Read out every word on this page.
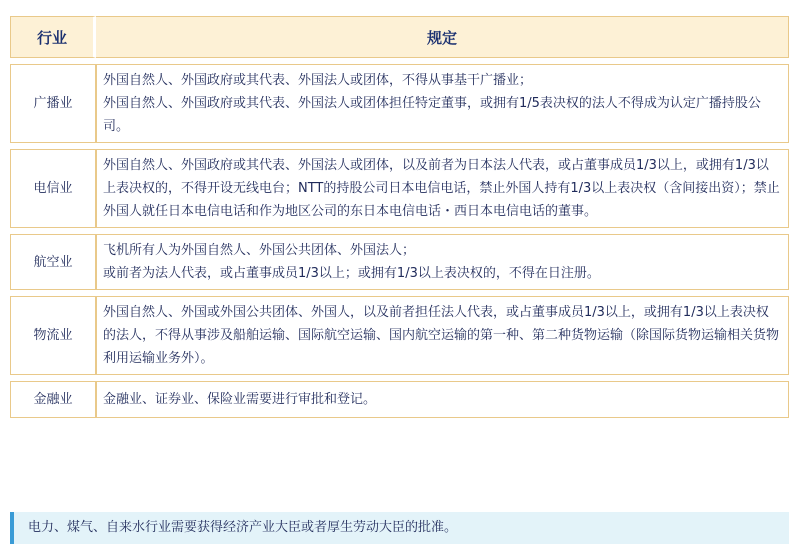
行业	规定
广播业	外国自然人、外国政府或其代表、外国法人或团体，不得从事基干广播业；
外国自然人、外国政府或其代表、外国法人或团体担任特定董事，或拥有1/5表决权的法人不得成为认定广播持股公司。
电信业	外国自然人、外国政府或其代表、外国法人或团体，以及前者为日本法人代表，或占董事成员1/3以上，或拥有1/3以上表决权的，不得开设无线电台；NTT的持股公司日本电信电话，禁止外国人持有1/3以上表决权（含间接出资）；禁止外国人就任日本电信电话和作为地区公司的东日本电信电话・西日本电信电话的董事。
航空业	飞机所有人为外国自然人、外国公共团体、外国法人；
或前者为法人代表，或占董事成员1/3以上；或拥有1/3以上表决权的，不得在日注册。
物流业	外国自然人、外国或外国公共团体、外国人，以及前者担任法人代表，或占董事成员1/3以上，或拥有1/3以上表决权的法人，不得从事涉及船舶运输、国际航空运输、国内航空运输的第一种、第二种货物运输（除国际货物运输相关货物利用运输业务外）。
金融业	金融业、证券业、保险业需要进行审批和登记。
电力、煤气、自来水行业需要获得经济产业大臣或者厚生劳动大臣的批准。
